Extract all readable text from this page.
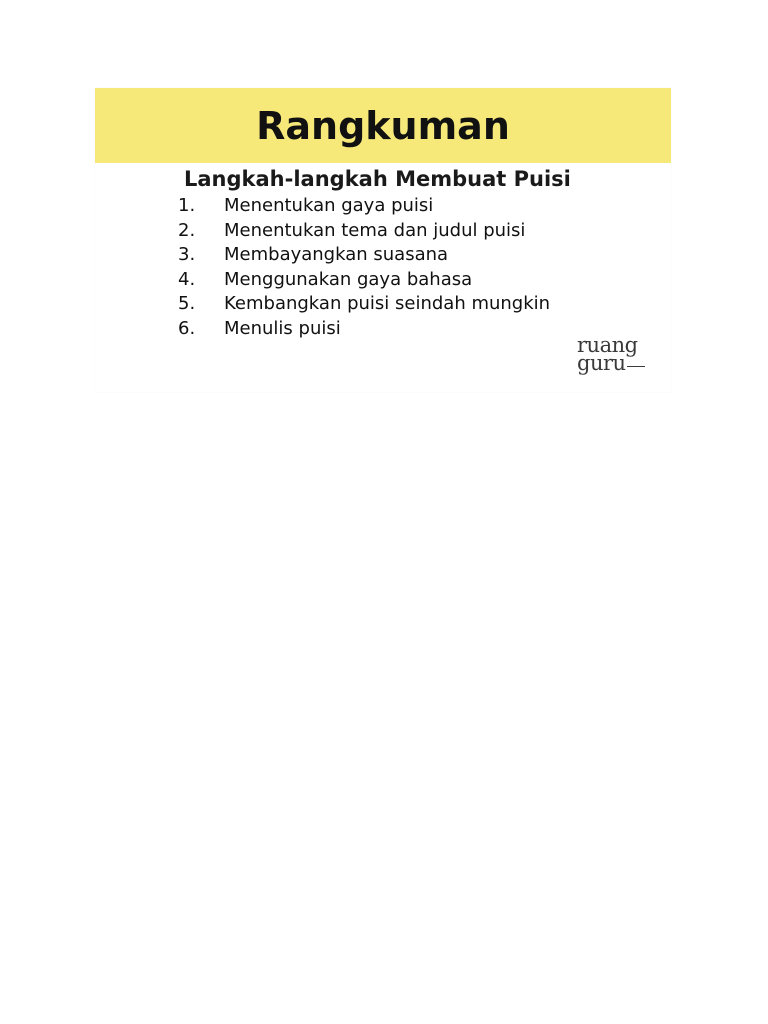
Rangkuman
Langkah-langkah Membuat Puisi
1.	Menentukan gaya puisi
2.	Menentukan tema dan judul puisi
3.	Membayangkan suasana
4.	Menggunakan gaya bahasa
5.	Kembangkan puisi seindah mungkin
6.	Menulis puisi
ruang
guru
